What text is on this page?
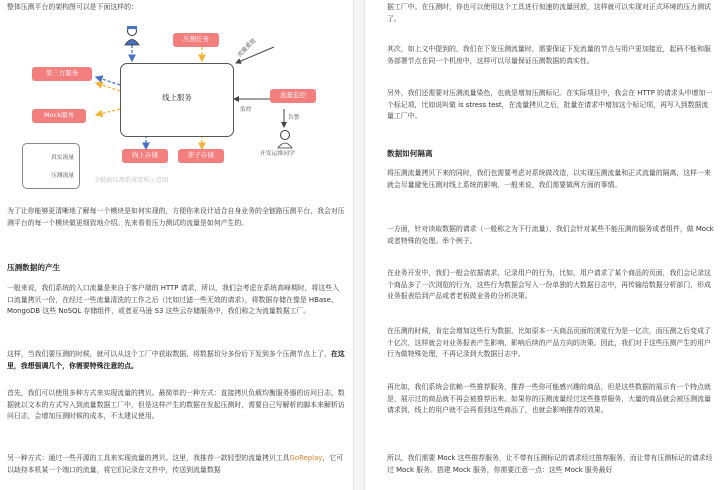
整体压测平台的架构图可以是下面这样的：

压测任务	流量重放
第三方服务
Mock服务
线上服务	流量监控
监控
告警
开发运维同学
线上存储	影子存储
真实流量
压测流量
全链路压测系统架构示意图

为了让你能够更清晰地了解每一个模块是如何实现的，方便你来设计适合自身业务的全链路压测平台，我会对压测平台的每一个模块做更细致地介绍。先来看看压力测试的流量是如何产生的。

压测数据的产生

一般来说，我们系统的入口流量是来自于客户端的 HTTP 请求，所以，我们会考虑在系统高峰期时，将这些入口流量拷贝一份，在经过一些流量清洗的工作之后（比如过滤一些无效的请求），将数据存储在像是 HBase、MongoDB 这些 NoSQL 存储组件，或者亚马逊 S3 这些云存储服务中，我们称之为流量数据工厂。

这样，当我们要压测的时候，就可以从这个工厂中获取数据，将数据切分多份后下发到多个压测节点上了，在这里，我想强调几个，你需要特殊注意的点。

首先，我们可以使用多种方式来实现流量的拷贝。最简单的一种方式：直接拷贝负载均衡服务器的访问日志，数据就以文本的方式写入到流量数据工厂中，但是这样产生的数据在发起压测时，需要自己写解析的脚本来解析访问日志，会增加压测时候的成本，不太建议使用。

另一种方式：通过一些开源的工具来实现流量的拷贝。这里，我推荐一款轻型的流量拷贝工具GoReplay，它可以劫持本机某一个端口的流量，将它们记录在文件中，传送到流量数据

据工厂中。在压测时，你也可以使用这个工具进行加速的流量回放，这样就可以实现对正式环境的压力测试了。

其次，如上文中提到的，我们在下发压测流量时，需要保证下发流量的节点与用户更加接近，起码不能和服务部署节点在同一个机房中，这样可以尽量保证压测数据的真实性。

另外，我们还需要对压测流量染色，也就是增加压测标记。在实际项目中，我会在 HTTP 的请求头中增加一个标记项，比如说叫做 is stress test，在流量拷贝之后，批量在请求中增加这个标记项，再写入到数据流量工厂中。

数据如何隔离

将压测流量拷贝下来的同时，我们也需要考虑对系统做改造，以实现压测流量和正式流量的隔离，这样一来就会尽量避免压测对线上系统的影响，一般来说，我们需要做两方面的事情。

一方面，针对读取数据的请求（一般称之为下行流量），我们会针对某些不能压测的服务或者组件，做 Mock 或者特殊的处理。举个例子。

在业务开发中，我们一般会依据请求，记录用户的行为，比如，用户请求了某个商品的页面，我们会记录这个商品多了一次浏览的行为，这些行为数据会写入一份单独的大数据日志中，再传输给数据分析部门，形成业务报表给到产品或者老板做业务的分析决策。

在压测的时候，肯定会增加这些行为数据，比如原本一天商品页面的浏览行为是一亿次，而压测之后变成了十亿次，这样就会对业务报表产生影响，影响后续的产品方向的决策。因此，我们对于这些压测产生的用户行为做特殊处理，不再记录到大数据日志中。

再比如，我们系统会依赖一些推荐服务，推荐一些你可能感兴趣的商品，但是这些数据的展示有一个特点就是，展示过的商品就不再会被推荐出来。如果你的压测流量经过这些推荐服务，大量的商品就会被压测流量请求到，线上的用户就不会再看到这些商品了，也就会影响推荐的效果。

所以，我们需要 Mock 这些推荐服务，让不带有压测标记的请求经过推荐服务，而让带有压测标记的请求经过 Mock 服务。搭建 Mock 服务，你需要注意一点：这些 Mock 服务最好
